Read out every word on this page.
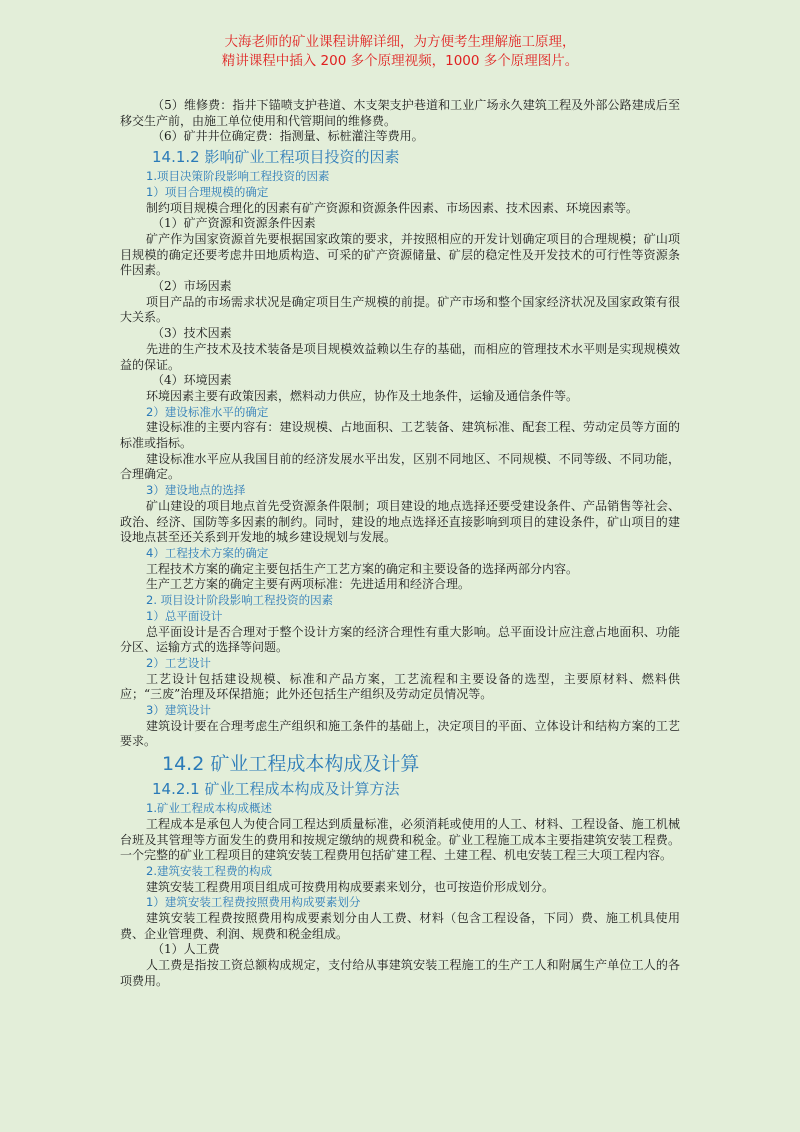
大海老师的矿业课程讲解详细，为方便考生理解施工原理，
精讲课程中插入 200 多个原理视频，1000 多个原理图片。

（5）维修费：指井下锚喷支护巷道、木支架支护巷道和工业广场永久建筑工程及外部公路建成后至移交生产前，由施工单位使用和代管期间的维修费。

（6）矿井井位确定费：指测量、标桩灌注等费用。

14.1.2 影响矿业工程项目投资的因素
1.项目决策阶段影响工程投资的因素
1）项目合理规模的确定

制约项目规模合理化的因素有矿产资源和资源条件因素、市场因素、技术因素、环境因素等。

（1）矿产资源和资源条件因素

矿产作为国家资源首先要根据国家政策的要求，并按照相应的开发计划确定项目的合理规模；矿山项目规模的确定还要考虑井田地质构造、可采的矿产资源储量、矿层的稳定性及开发技术的可行性等资源条件因素。

（2）市场因素

项目产品的市场需求状况是确定项目生产规模的前提。矿产市场和整个国家经济状况及国家政策有很大关系。

（3）技术因素

先进的生产技术及技术装备是项目规模效益赖以生存的基础，而相应的管理技术水平则是实现规模效益的保证。

（4）环境因素

环境因素主要有政策因素，燃料动力供应，协作及土地条件，运输及通信条件等。

2）建设标准水平的确定

建设标准的主要内容有：建设规模、占地面积、工艺装备、建筑标准、配套工程、劳动定员等方面的标准或指标。

建设标准水平应从我国目前的经济发展水平出发，区别不同地区、不同规模、不同等级、不同功能，合理确定。

3）建设地点的选择

矿山建设的项目地点首先受资源条件限制；项目建设的地点选择还要受建设条件、产品销售等社会、政治、经济、国防等多因素的制约。同时，建设的地点选择还直接影响到项目的建设条件，矿山项目的建设地点甚至还关系到开发地的城乡建设规划与发展。

4）工程技术方案的确定

工程技术方案的确定主要包括生产工艺方案的确定和主要设备的选择两部分内容。

生产工艺方案的确定主要有两项标准：先进适用和经济合理。

2. 项目设计阶段影响工程投资的因素
1）总平面设计

总平面设计是否合理对于整个设计方案的经济合理性有重大影响。总平面设计应注意占地面积、功能分区、运输方式的选择等问题。

2）工艺设计

工艺设计包括建设规模、标准和产品方案，工艺流程和主要设备的选型，主要原材料、燃料供应；“三废”治理及环保措施；此外还包括生产组织及劳动定员情况等。

3）建筑设计

建筑设计要在合理考虑生产组织和施工条件的基础上，决定项目的平面、立体设计和结构方案的工艺要求。

14.2 矿业工程成本构成及计算
14.2.1 矿业工程成本构成及计算方法
1.矿业工程成本构成概述

工程成本是承包人为使合同工程达到质量标准，必须消耗或使用的人工、材料、工程设备、施工机械台班及其管理等方面发生的费用和按规定缴纳的规费和税金。矿业工程施工成本主要指建筑安装工程费。一个完整的矿业工程项目的建筑安装工程费用包括矿建工程、土建工程、机电安装工程三大项工程内容。

2.建筑安装工程费的构成

建筑安装工程费用项目组成可按费用构成要素来划分，也可按造价形成划分。

1）建筑安装工程费按照费用构成要素划分

建筑安装工程费按照费用构成要素划分由人工费、材料（包含工程设备，下同）费、施工机具使用费、企业管理费、利润、规费和税金组成。

（1）人工费

人工费是指按工资总额构成规定，支付给从事建筑安装工程施工的生产工人和附属生产单位工人的各项费用。
